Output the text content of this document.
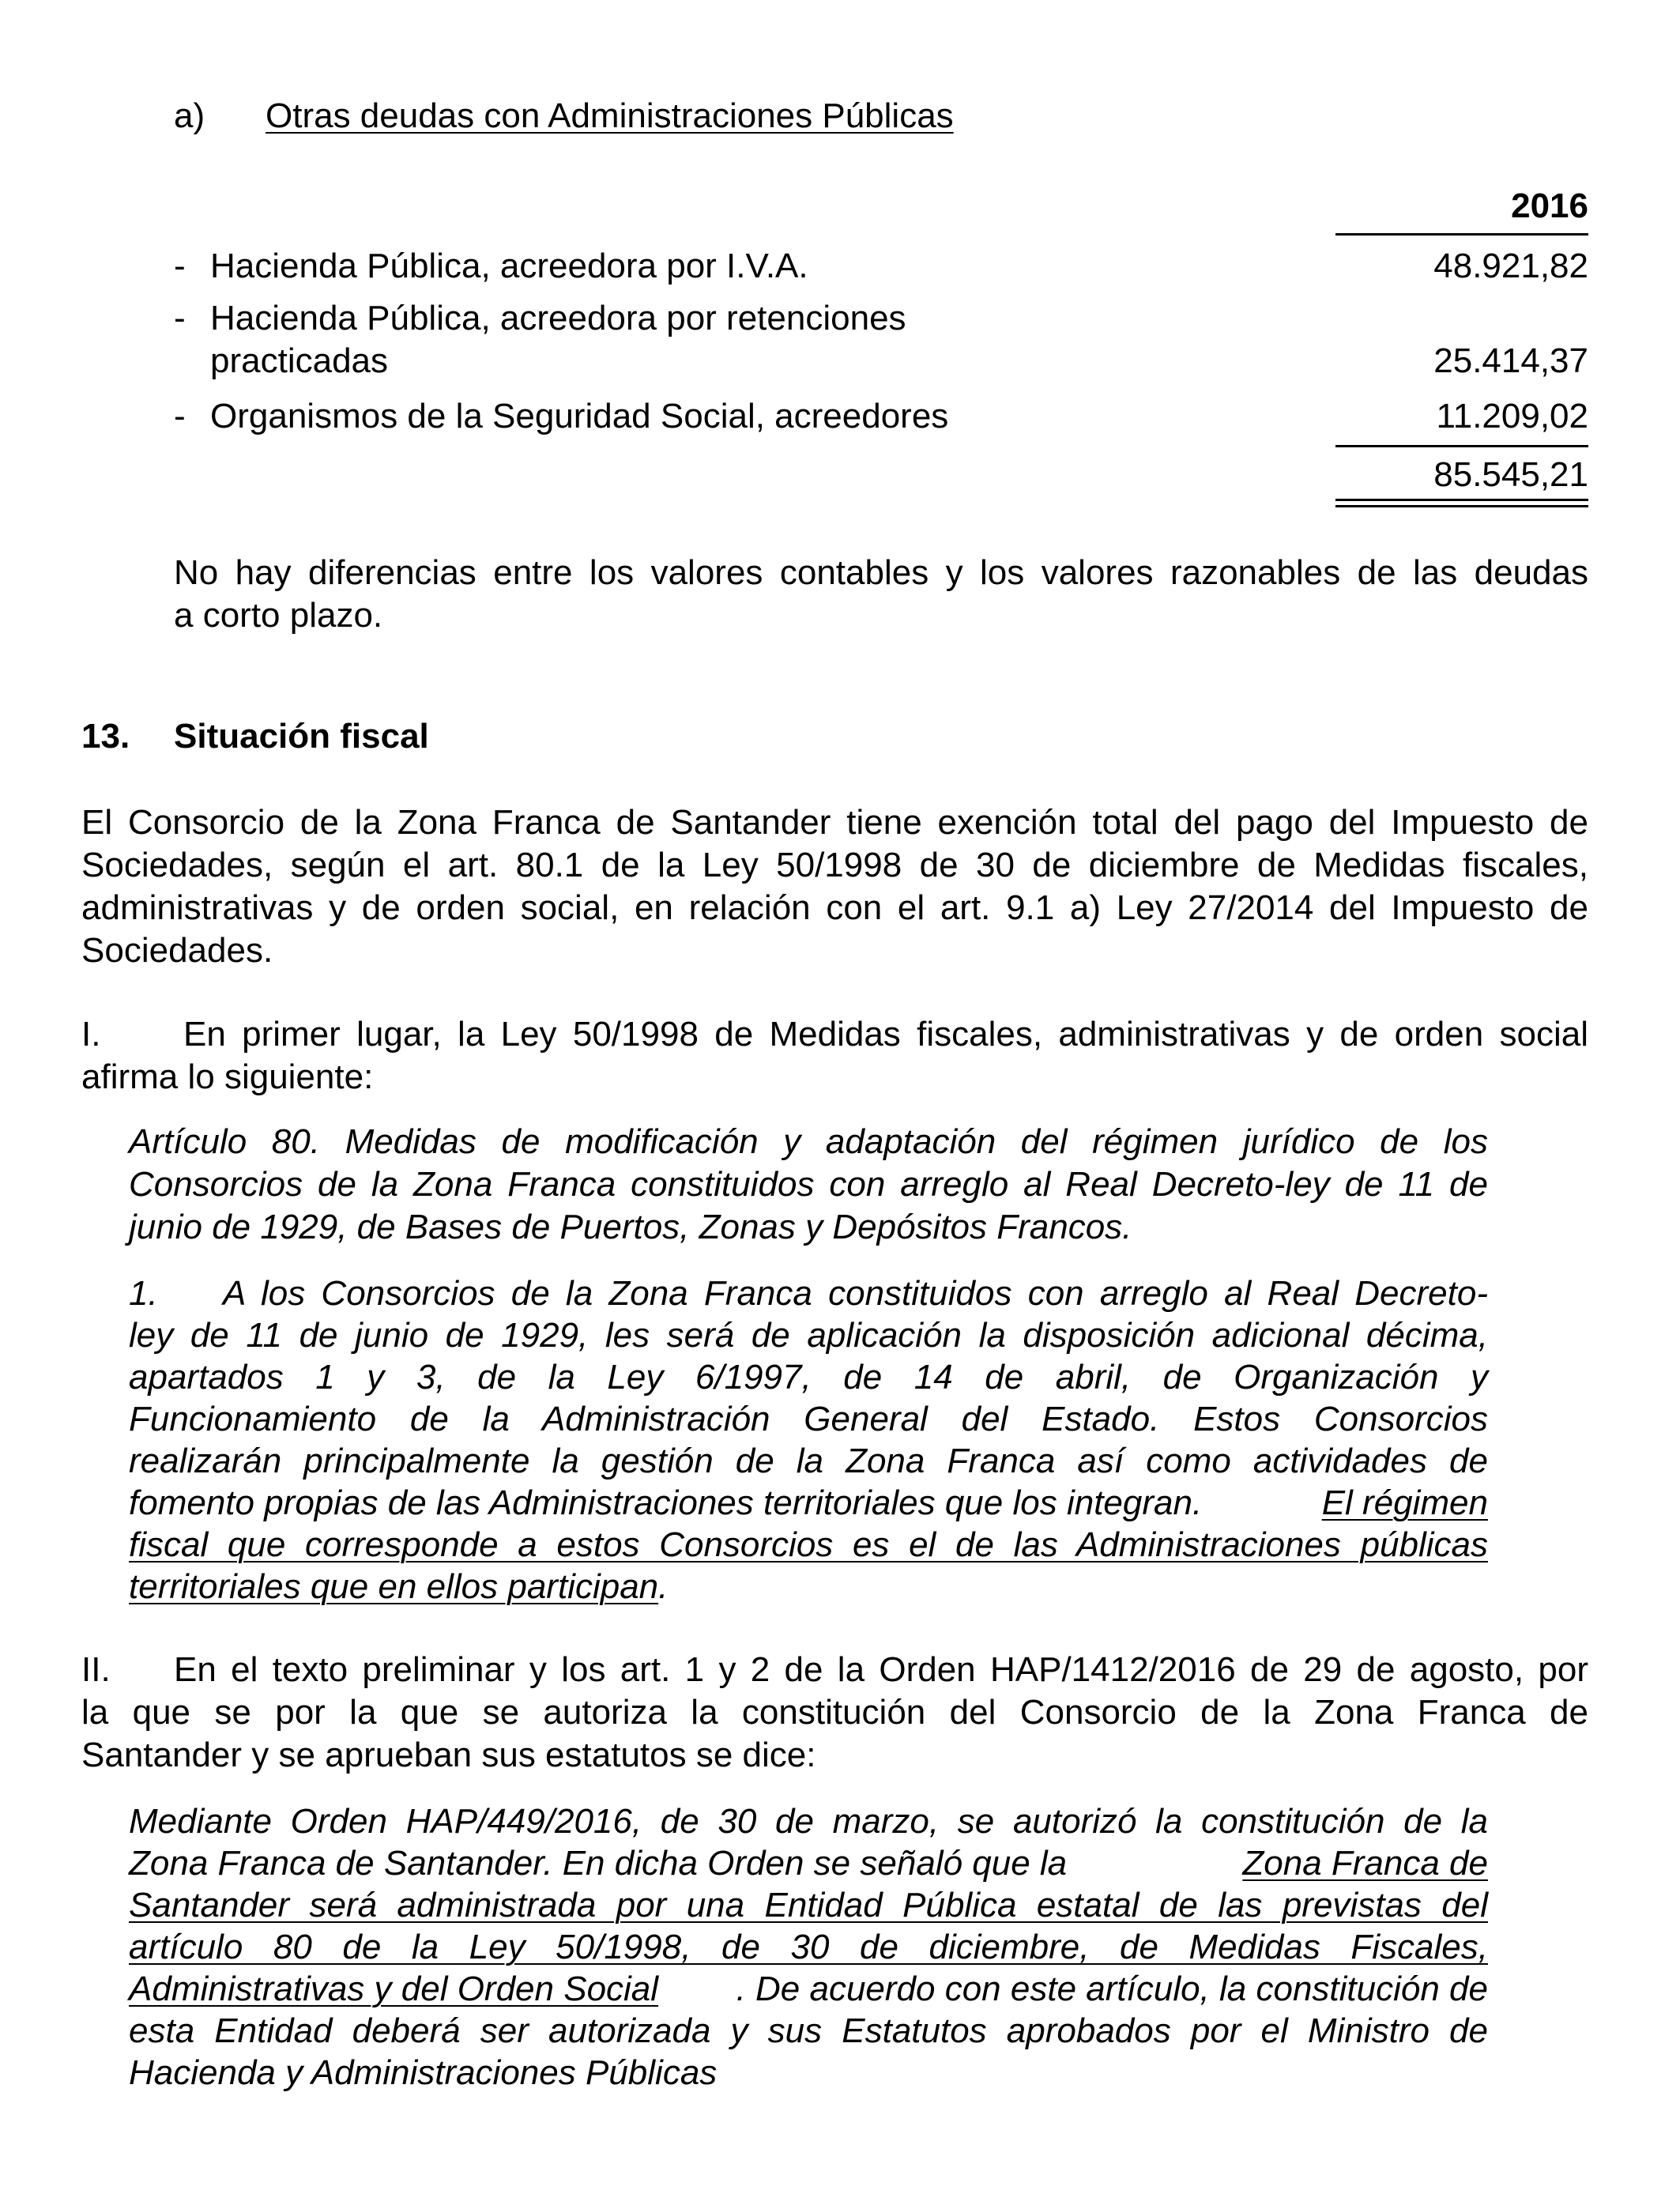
a) Otras deudas con Administraciones Públicas
2016
- Hacienda Pública, acreedora por I.V.A.	48.921,82
- Hacienda Pública, acreedora por retenciones
practicadas	25.414,37
- Organismos de la Seguridad Social, acreedores	11.209,02
85.545,21
No hay diferencias entre los valores contables y los valores razonables de las deudas
a corto plazo.
13. Situación fiscal
El Consorcio de la Zona Franca de Santander tiene exención total del pago del Impuesto de
Sociedades, según el art. 80.1 de la Ley 50/1998 de 30 de diciembre de Medidas fiscales,
administrativas y de orden social, en relación con el art. 9.1 a) Ley 27/2014 del Impuesto de
Sociedades.
I. En primer lugar, la Ley 50/1998 de Medidas fiscales, administrativas y de orden social
afirma lo siguiente:
Artículo 80. Medidas de modificación y adaptación del régimen jurídico de los
Consorcios de la Zona Franca constituidos con arreglo al Real Decreto-ley de 11 de
junio de 1929, de Bases de Puertos, Zonas y Depósitos Francos.
1. A los Consorcios de la Zona Franca constituidos con arreglo al Real Decreto-
ley de 11 de junio de 1929, les será de aplicación la disposición adicional décima,
apartados 1 y 3, de la Ley 6/1997, de 14 de abril, de Organización y
Funcionamiento de la Administración General del Estado. Estos Consorcios
realizarán principalmente la gestión de la Zona Franca así como actividades de
fomento propias de las Administraciones territoriales que los integran.	El régimen
fiscal que corresponde a estos Consorcios es el de las Administraciones públicas
territoriales que en ellos participan.
II. En el texto preliminar y los art. 1 y 2 de la Orden HAP/1412/2016 de 29 de agosto, por
la que se por la que se autoriza la constitución del Consorcio de la Zona Franca de
Santander y se aprueban sus estatutos se dice:
Mediante Orden HAP/449/2016, de 30 de marzo, se autorizó la constitución de la
Zona Franca de Santander. En dicha Orden se señaló que la	Zona Franca de
Santander será administrada por una Entidad Pública estatal de las previstas del
artículo 80 de la Ley 50/1998, de 30 de diciembre, de Medidas Fiscales,
Administrativas y del Orden Social . De acuerdo con este artículo, la constitución de
esta Entidad deberá ser autorizada y sus Estatutos aprobados por el Ministro de
Hacienda y Administraciones Públicas
